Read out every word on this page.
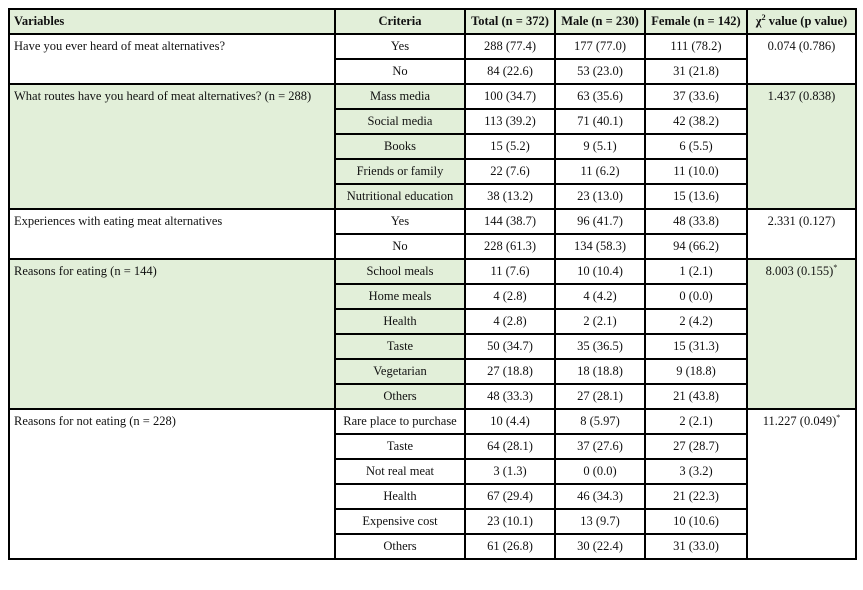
Variables	Criteria	Total (n = 372)	Male (n = 230)	Female (n = 142)	$\chi^2$ value (p value)
Have you ever heard of meat alternatives?	Yes	288 (77.4)	177 (77.0)	111 (78.2)	0.074 (0.786)
	No	84 (22.6)	53 (23.0)	31 (21.8)	
What routes have you heard of meat alternatives? (n = 288)	Mass media	100 (34.7)	63 (35.6)	37 (33.6)	1.437 (0.838)
	Social media	113 (39.2)	71 (40.1)	42 (38.2)	
	Books	15 (5.2)	9 (5.1)	6 (5.5)	
	Friends or family	22 (7.6)	11 (6.2)	11 (10.0)	
	Nutritional education	38 (13.2)	23 (13.0)	15 (13.6)	
Experiences with eating meat alternatives	Yes	144 (38.7)	96 (41.7)	48 (33.8)	2.331 (0.127)
	No	228 (61.3)	134 (58.3)	94 (66.2)	
Reasons for eating (n = 144)	School meals	11 (7.6)	10 (10.4)	1 (2.1)	8.003 (0.155)*
	Home meals	4 (2.8)	4 (4.2)	0 (0.0)	
	Health	4 (2.8)	2 (2.1)	2 (4.2)	
	Taste	50 (34.7)	35 (36.5)	15 (31.3)	
	Vegetarian	27 (18.8)	18 (18.8)	9 (18.8)	
	Others	48 (33.3)	27 (28.1)	21 (43.8)	
Reasons for not eating (n = 228)	Rare place to purchase	10 (4.4)	8 (5.97)	2 (2.1)	11.227 (0.049)*
	Taste	64 (28.1)	37 (27.6)	27 (28.7)	
	Not real meat	3 (1.3)	0 (0.0)	3 (3.2)	
	Health	67 (29.4)	46 (34.3)	21 (22.3)	
	Expensive cost	23 (10.1)	13 (9.7)	10 (10.6)	
	Others	61 (26.8)	30 (22.4)	31 (33.0)	
